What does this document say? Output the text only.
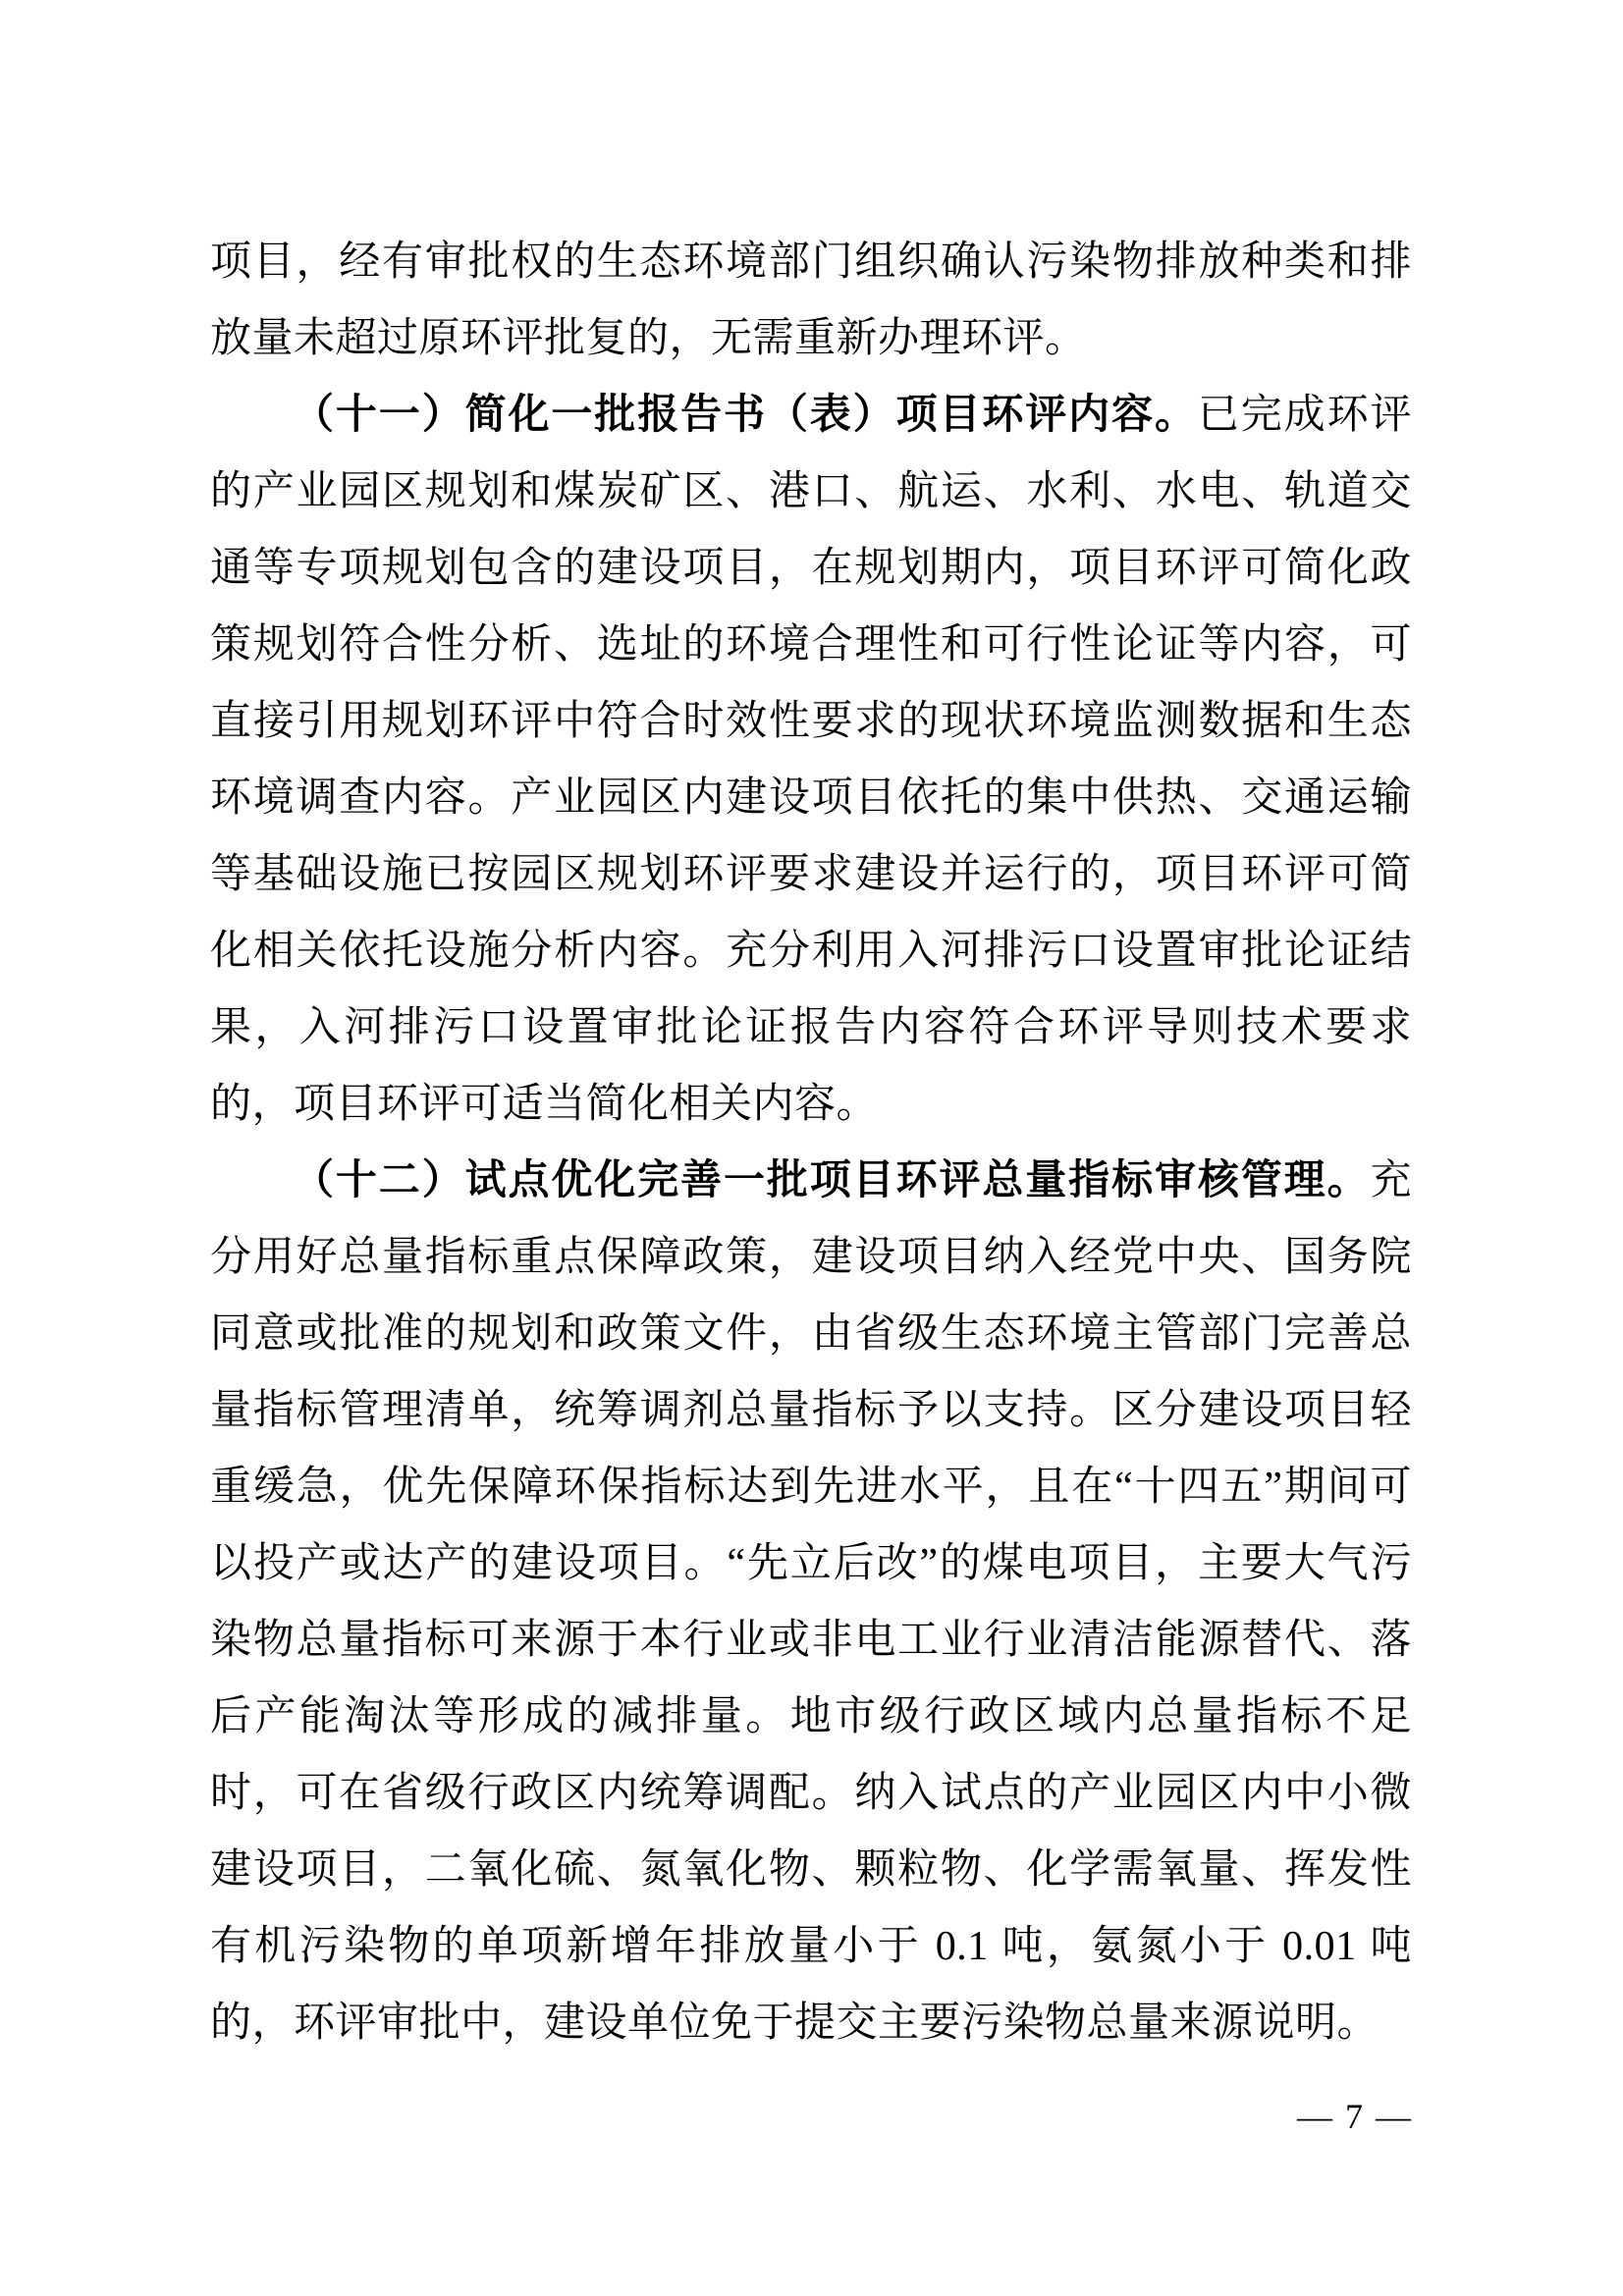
项目，经有审批权的生态环境部门组织确认污染物排放种类和排放量未超过原环评批复的，无需重新办理环评。

（十一）简化一批报告书（表）项目环评内容。已完成环评的产业园区规划和煤炭矿区、港口、航运、水利、水电、轨道交通等专项规划包含的建设项目，在规划期内，项目环评可简化政策规划符合性分析、选址的环境合理性和可行性论证等内容，可直接引用规划环评中符合时效性要求的现状环境监测数据和生态环境调查内容。产业园区内建设项目依托的集中供热、交通运输等基础设施已按园区规划环评要求建设并运行的，项目环评可简化相关依托设施分析内容。充分利用入河排污口设置审批论证结果，入河排污口设置审批论证报告内容符合环评导则技术要求的，项目环评可适当简化相关内容。

（十二）试点优化完善一批项目环评总量指标审核管理。充分用好总量指标重点保障政策，建设项目纳入经党中央、国务院同意或批准的规划和政策文件，由省级生态环境主管部门完善总量指标管理清单，统筹调剂总量指标予以支持。区分建设项目轻重缓急，优先保障环保指标达到先进水平，且在“十四五”期间可以投产或达产的建设项目。“先立后改”的煤电项目，主要大气污染物总量指标可来源于本行业或非电工业行业清洁能源替代、落后产能淘汰等形成的减排量。地市级行政区域内总量指标不足时，可在省级行政区内统筹调配。纳入试点的产业园区内中小微建设项目，二氧化硫、氮氧化物、颗粒物、化学需氧量、挥发性有机污染物的单项新增年排放量小于 0.1 吨，氨氮小于 0.01 吨的，环评审批中，建设单位免于提交主要污染物总量来源说明。

— 7 —
